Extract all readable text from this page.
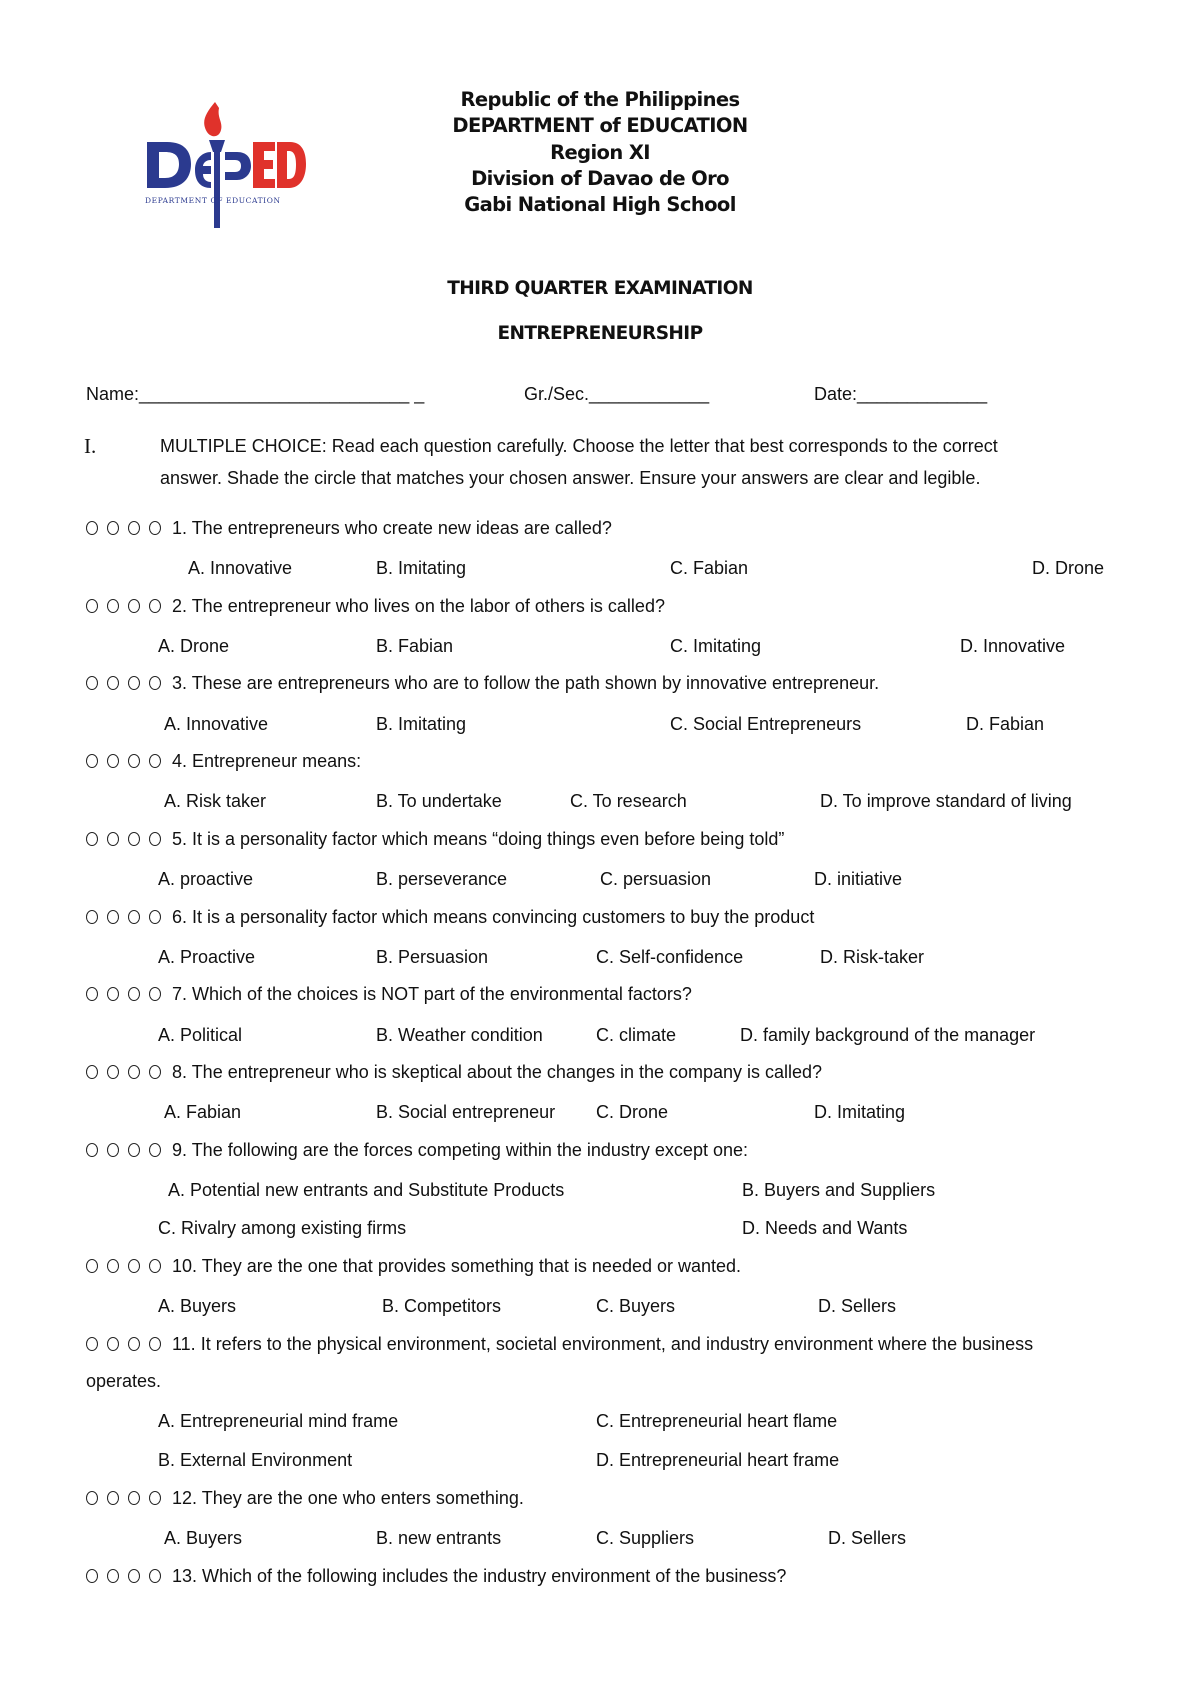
DEPARTMENT OF EDUCATION
Republic of the Philippines
DEPARTMENT of EDUCATION
Region XI
Division of Davao de Oro
Gabi National High School
THIRD QUARTER EXAMINATION
ENTREPRENEURSHIP
Name:___________________________ _	Gr./Sec.____________	Date:_____________
I.	MULTIPLE CHOICE: Read each question carefully. Choose the letter that best corresponds to the correct
answer. Shade the circle that matches your chosen answer. Ensure your answers are clear and legible.
1. The entrepreneurs who create new ideas are called?
A. Innovative	B. Imitating	C. Fabian	D. Drone
2. The entrepreneur who lives on the labor of others is called?
A. Drone	B. Fabian	C. Imitating	D. Innovative
3. These are entrepreneurs who are to follow the path shown by innovative entrepreneur.
A. Innovative	B. Imitating	C. Social Entrepreneurs	D. Fabian
4. Entrepreneur means:
A. Risk taker	B. To undertake	C. To research	D. To improve standard of living
5. It is a personality factor which means “doing things even before being told”
A. proactive	B. perseverance	C. persuasion	D. initiative
6. It is a personality factor which means convincing customers to buy the product
A. Proactive	B. Persuasion	C. Self-confidence	D. Risk-taker
7. Which of the choices is NOT part of the environmental factors?
A. Political	B. Weather condition	C. climate	D. family background of the manager
8. The entrepreneur who is skeptical about the changes in the company is called?
A. Fabian	B. Social entrepreneur C. Drone	D. Imitating
9. The following are the forces competing within the industry except one:
A. Potential new entrants and Substitute Products	B. Buyers and Suppliers
C. Rivalry among existing firms	D. Needs and Wants
10. They are the one that provides something that is needed or wanted.
A. Buyers	B. Competitors	C. Buyers	D. Sellers
11. It refers to the physical environment, societal environment, and industry environment where the business
operates.
A. Entrepreneurial mind frame	C. Entrepreneurial heart flame
B. External Environment	D. Entrepreneurial heart frame
12. They are the one who enters something.
A. Buyers	B. new entrants	C. Suppliers	D. Sellers
13. Which of the following includes the industry environment of the business?
